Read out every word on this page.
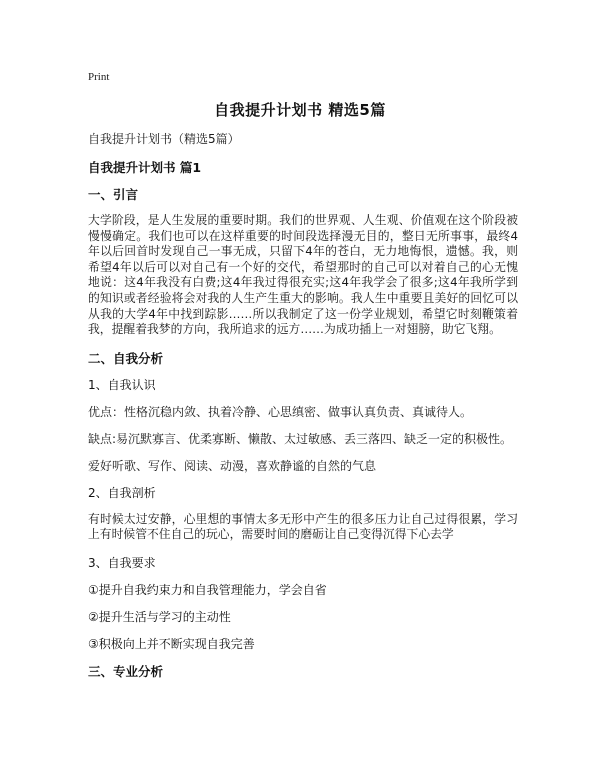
Print
自我提升计划书 精选5篇
自我提升计划书（精选5篇）
自我提升计划书 篇1
一、引言
大学阶段，是人生发展的重要时期。我们的世界观、人生观、价值观在这个阶段被慢慢确定。我们也可以在这样重要的时间段选择漫无目的，整日无所事事，最终4年以后回首时发现自己一事无成，只留下4年的苍白，无力地悔恨，遗憾。我，则希望4年以后可以对自己有一个好的交代，希望那时的自己可以对着自己的心无愧地说：这4年我没有白费;这4年我过得很充实;这4年我学会了很多;这4年我所学到的知识或者经验将会对我的人生产生重大的影响。我人生中重要且美好的回忆可以从我的大学4年中找到踪影……所以我制定了这一份学业规划，希望它时刻鞭策着我，提醒着我梦的方向，我所追求的远方……为成功插上一对翅膀，助它飞翔。
二、自我分析
1、自我认识
优点：性格沉稳内敛、执着冷静、心思缜密、做事认真负责、真诚待人。
缺点:易沉默寡言、优柔寡断、懒散、太过敏感、丢三落四、缺乏一定的积极性。
爱好听歌、写作、阅读、动漫，喜欢静谧的自然的气息
2、自我剖析
有时候太过安静，心里想的事情太多无形中产生的很多压力让自己过得很累，学习上有时候管不住自己的玩心，需要时间的磨砺让自己变得沉得下心去学
3、自我要求
①提升自我约束力和自我管理能力，学会自省
②提升生活与学习的主动性
③积极向上并不断实现自我完善
三、专业分析
